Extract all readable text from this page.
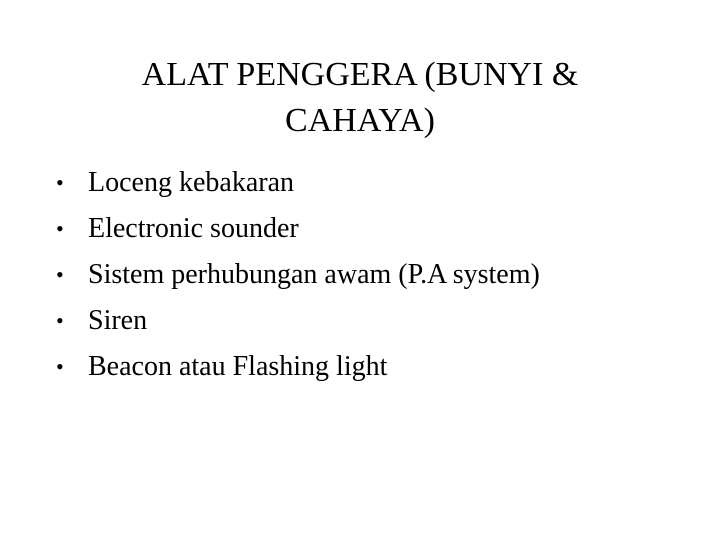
ALAT PENGGERA (BUNYI &
CAHAYA)
• Loceng kebakaran
• Electronic sounder
• Sistem perhubungan awam (P.A system)
• Siren
• Beacon atau Flashing light
